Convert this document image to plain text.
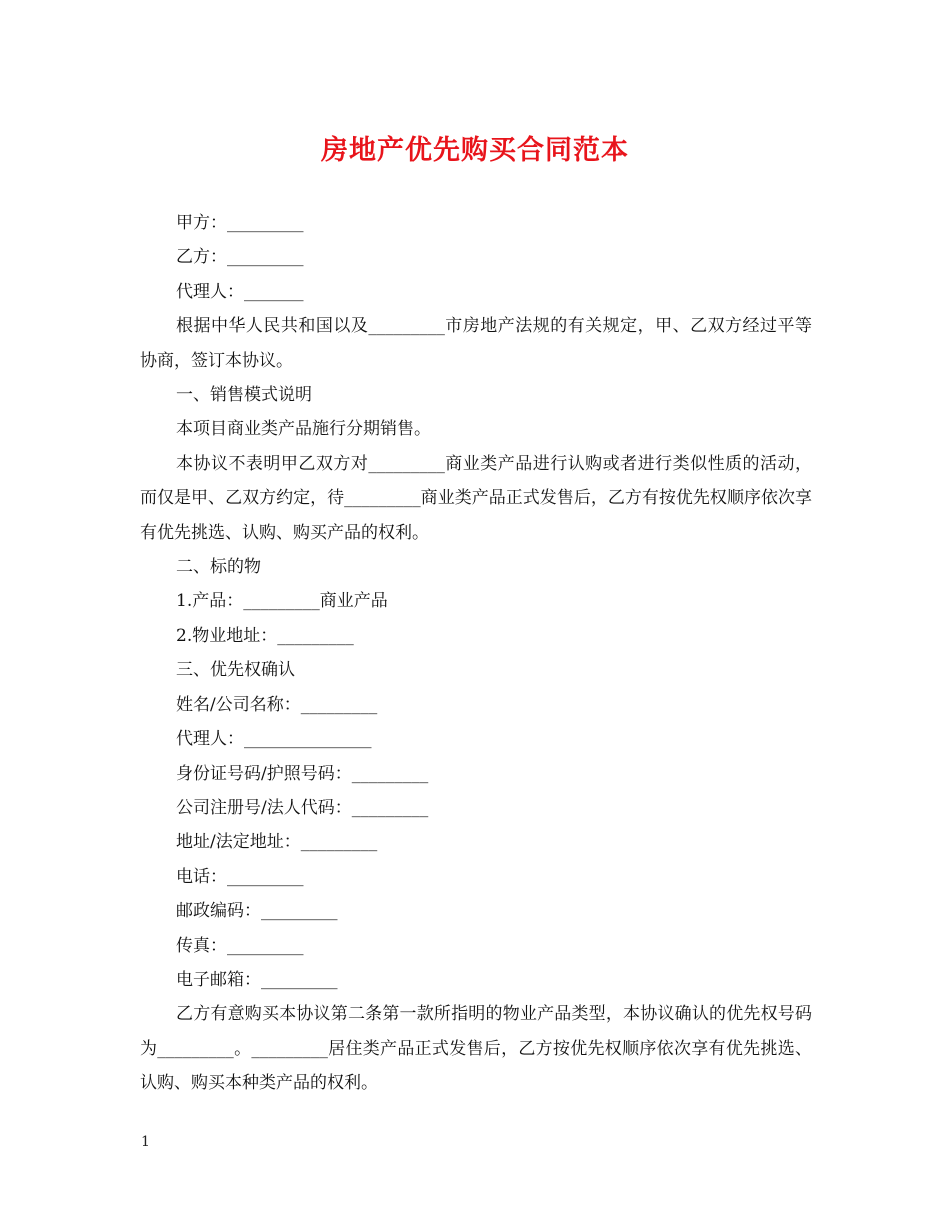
房地产优先购买合同范本

甲方：_________

乙方：_________

代理人：_______

根据中华人民共和国以及_________市房地产法规的有关规定，甲、乙双方经过平等协商，签订本协议。

一、销售模式说明

本项目商业类产品施行分期销售。

本协议不表明甲乙双方对_________商业类产品进行认购或者进行类似性质的活动，而仅是甲、乙双方约定，待_________商业类产品正式发售后，乙方有按优先权顺序依次享有优先挑选、认购、购买产品的权利。

二、标的物

1.产品：_________商业产品

2.物业地址：_________

三、优先权确认

姓名/公司名称：_________

代理人：_______________

身份证号码/护照号码：_________

公司注册号/法人代码：_________

地址/法定地址：_________

电话：_________

邮政编码：_________

传真：_________

电子邮箱：_________

乙方有意购买本协议第二条第一款所指明的物业产品类型，本协议确认的优先权号码为_________。_________居住类产品正式发售后，乙方按优先权顺序依次享有优先挑选、认购、购买本种类产品的权利。

1
